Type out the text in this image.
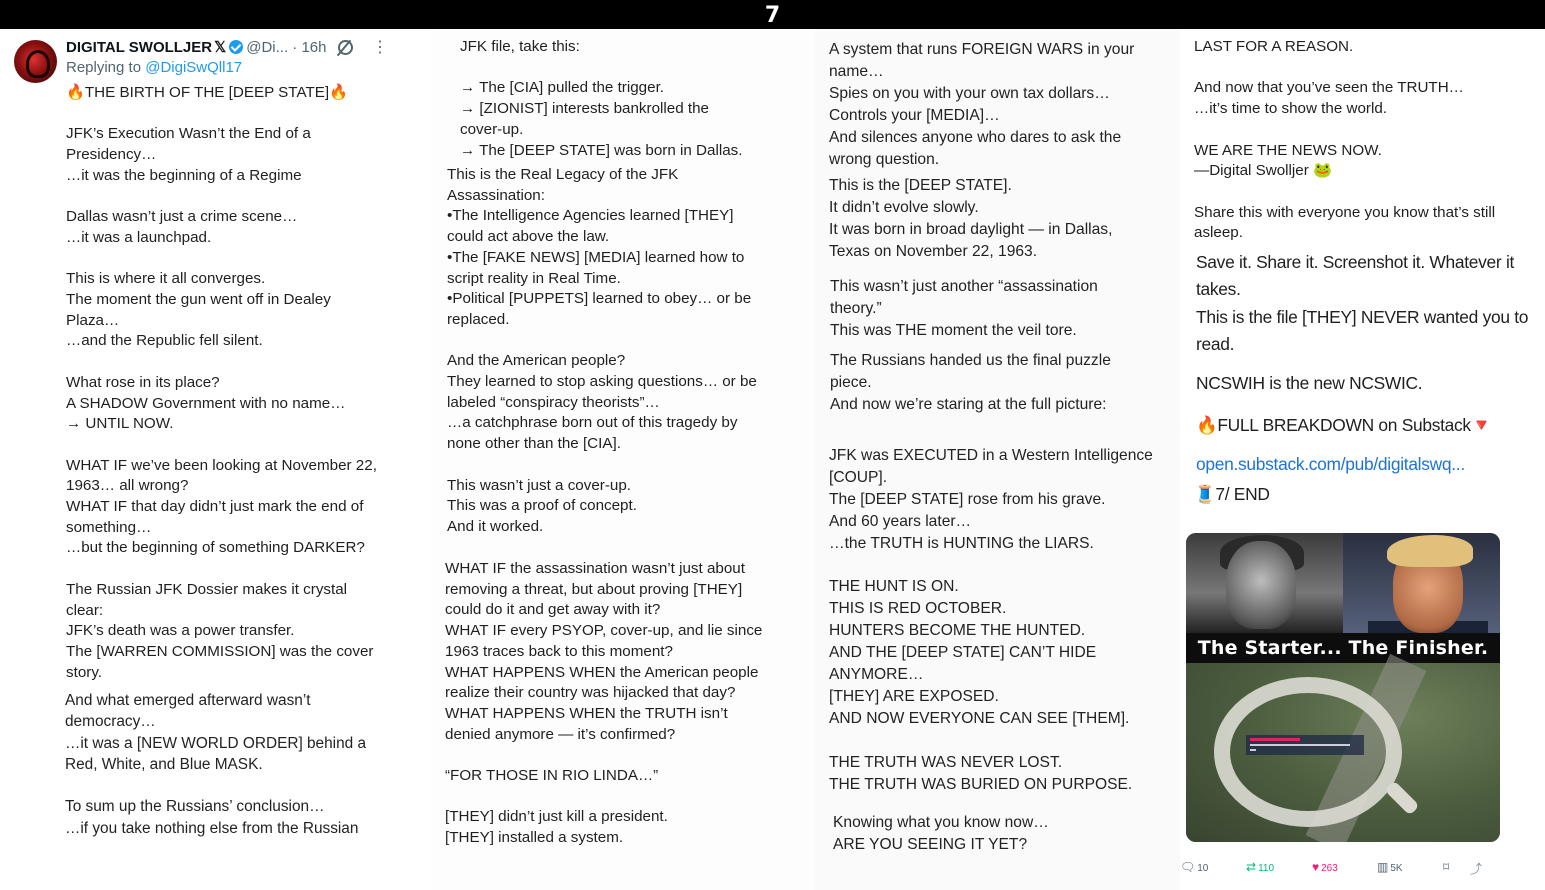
7
DIGITAL SWOLLJER 𝕏 @Di... · 16h	⋮
Replying to @DigiSwQll17
🔥THE BIRTH OF THE [DEEP STATE]🔥

JFK’s Execution Wasn’t the End of a
Presidency…
…it was the beginning of a Regime

Dallas wasn’t just a crime scene…
…it was a launchpad.

This is where it all converges.
The moment the gun went off in Dealey
Plaza…
…and the Republic fell silent.

What rose in its place?
A SHADOW Government with no name…
→ UNTIL NOW.

WHAT IF we’ve been looking at November 22,
1963… all wrong?
WHAT IF that day didn’t just mark the end of
something…
…but the beginning of something DARKER?

The Russian JFK Dossier makes it crystal
clear:
JFK’s death was a power transfer.
The [WARREN COMMISSION] was the cover
story.
And what emerged afterward wasn’t
democracy…
…it was a [NEW WORLD ORDER] behind a
Red, White, and Blue MASK.

To sum up the Russians’ conclusion…
…if you take nothing else from the Russian
JFK file, take this:

→ The [CIA] pulled the trigger.
→ [ZIONIST] interests bankrolled the
cover-up.
→ The [DEEP STATE] was born in Dallas.
This is the Real Legacy of the JFK
Assassination:
•The Intelligence Agencies learned [THEY]
could act above the law.
•The [FAKE NEWS] [MEDIA] learned how to
script reality in Real Time.
•Political [PUPPETS] learned to obey… or be
replaced.

And the American people?
They learned to stop asking questions… or be
labeled “conspiracy theorists”…
…a catchphrase born out of this tragedy by
none other than the [CIA].

This wasn’t just a cover-up.
This was a proof of concept.
And it worked.
WHAT IF the assassination wasn’t just about
removing a threat, but about proving [THEY]
could do it and get away with it?
WHAT IF every PSYOP, cover-up, and lie since
1963 traces back to this moment?
WHAT HAPPENS WHEN the American people
realize their country was hijacked that day?
WHAT HAPPENS WHEN the TRUTH isn’t
denied anymore — it’s confirmed?

“FOR THOSE IN RIO LINDA…”

[THEY] didn’t just kill a president.
[THEY] installed a system.
A system that runs FOREIGN WARS in your
name…
Spies on you with your own tax dollars…
Controls your [MEDIA]…
And silences anyone who dares to ask the
wrong question.
This is the [DEEP STATE].
It didn’t evolve slowly.
It was born in broad daylight — in Dallas,
Texas on November 22, 1963.
This wasn’t just another “assassination
theory.”
This was THE moment the veil tore.
The Russians handed us the final puzzle
piece.
And now we’re staring at the full picture:
JFK was EXECUTED in a Western Intelligence
[COUP].
The [DEEP STATE] rose from his grave.
And 60 years later…
…the TRUTH is HUNTING the LIARS.

THE HUNT IS ON.
THIS IS RED OCTOBER.
HUNTERS BECOME THE HUNTED.
AND THE [DEEP STATE] CAN’T HIDE
ANYMORE…
[THEY] ARE EXPOSED.
AND NOW EVERYONE CAN SEE [THEM].

THE TRUTH WAS NEVER LOST.
THE TRUTH WAS BURIED ON PURPOSE.
Knowing what you know now…
ARE YOU SEEING IT YET?
LAST FOR A REASON.

And now that you’ve seen the TRUTH…
…it’s time to show the world.

WE ARE THE NEWS NOW.
—Digital Swolljer 🐸

Share this with everyone you know that’s still
asleep.
Save it. Share it. Screenshot it. Whatever it
takes.
This is the file [THEY] NEVER wanted you to
read.
NCSWIH is the new NCSWIC.
🔥FULL BREAKDOWN on Substack🔻
open.substack.com/pub/digitalswq...
🧵7/ END
The Starter... The Finisher.
🗨 10	⇄ 110	♥ 263	▥ 5K	⌑ ⤴
